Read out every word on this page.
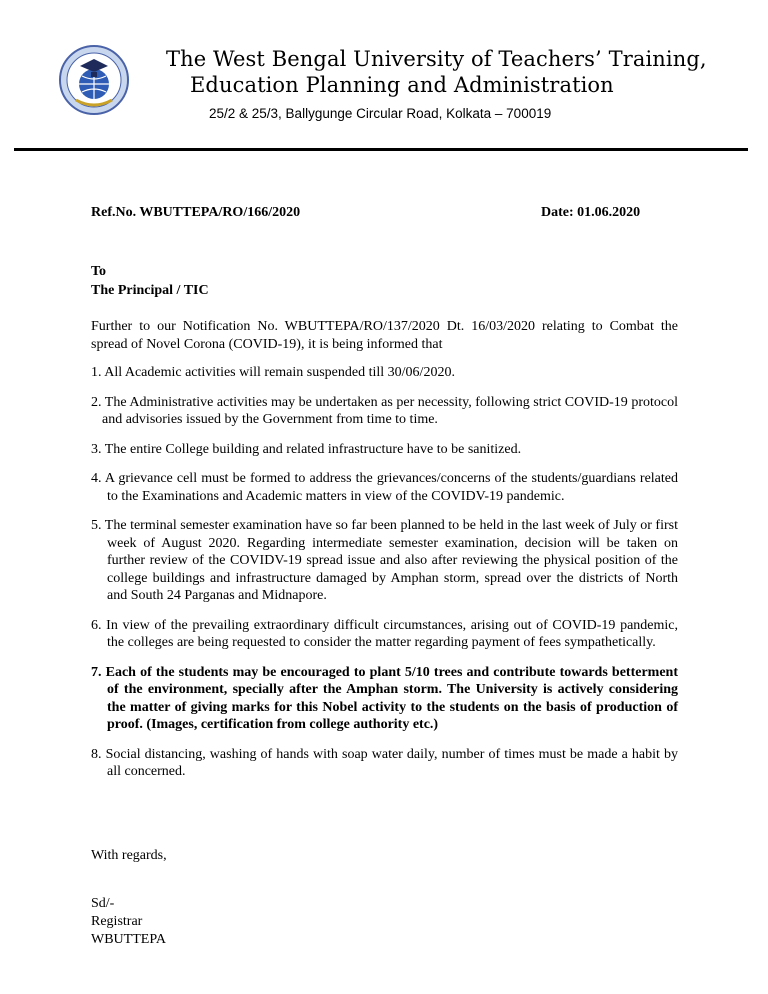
The West Bengal University of Teachers’ Training,
Education Planning and Administration
25/2 & 25/3, Ballygunge Circular Road, Kolkata – 700019
Ref.No. WBUTTEPA/RO/166/2020	Date: 01.06.2020
To
The Principal / TIC
Further to our Notification No. WBUTTEPA/RO/137/2020 Dt. 16/03/2020 relating to Combat the spread of Novel Corona (COVID-19), it is being informed that
1. All Academic activities will remain suspended till 30/06/2020.
2. The Administrative activities may be undertaken as per necessity, following strict COVID-19 protocol and advisories issued by the Government from time to time.
3. The entire College building and related infrastructure have to be sanitized.
4. A grievance cell must be formed to address the grievances/concerns of the students/guardians related to the Examinations and Academic matters in view of the COVIDV-19 pandemic.
5. The terminal semester examination have so far been planned to be held in the last week of July or first week of August 2020. Regarding intermediate semester examination, decision will be taken on further review of the COVIDV-19 spread issue and also after reviewing the physical position of the college buildings and infrastructure damaged by Amphan storm, spread over the districts of North and South 24 Parganas and Midnapore.
6. In view of the prevailing extraordinary difficult circumstances, arising out of COVID-19 pandemic, the colleges are being requested to consider the matter regarding payment of fees sympathetically.
7. Each of the students may be encouraged to plant 5/10 trees and contribute towards betterment of the environment, specially after the Amphan storm. The University is actively considering the matter of giving marks for this Nobel activity to the students on the basis of production of proof. (Images, certification from college authority etc.)
8. Social distancing, washing of hands with soap water daily, number of times must be made a habit by all concerned.
With regards,
Sd/-
Registrar
WBUTTEPA
